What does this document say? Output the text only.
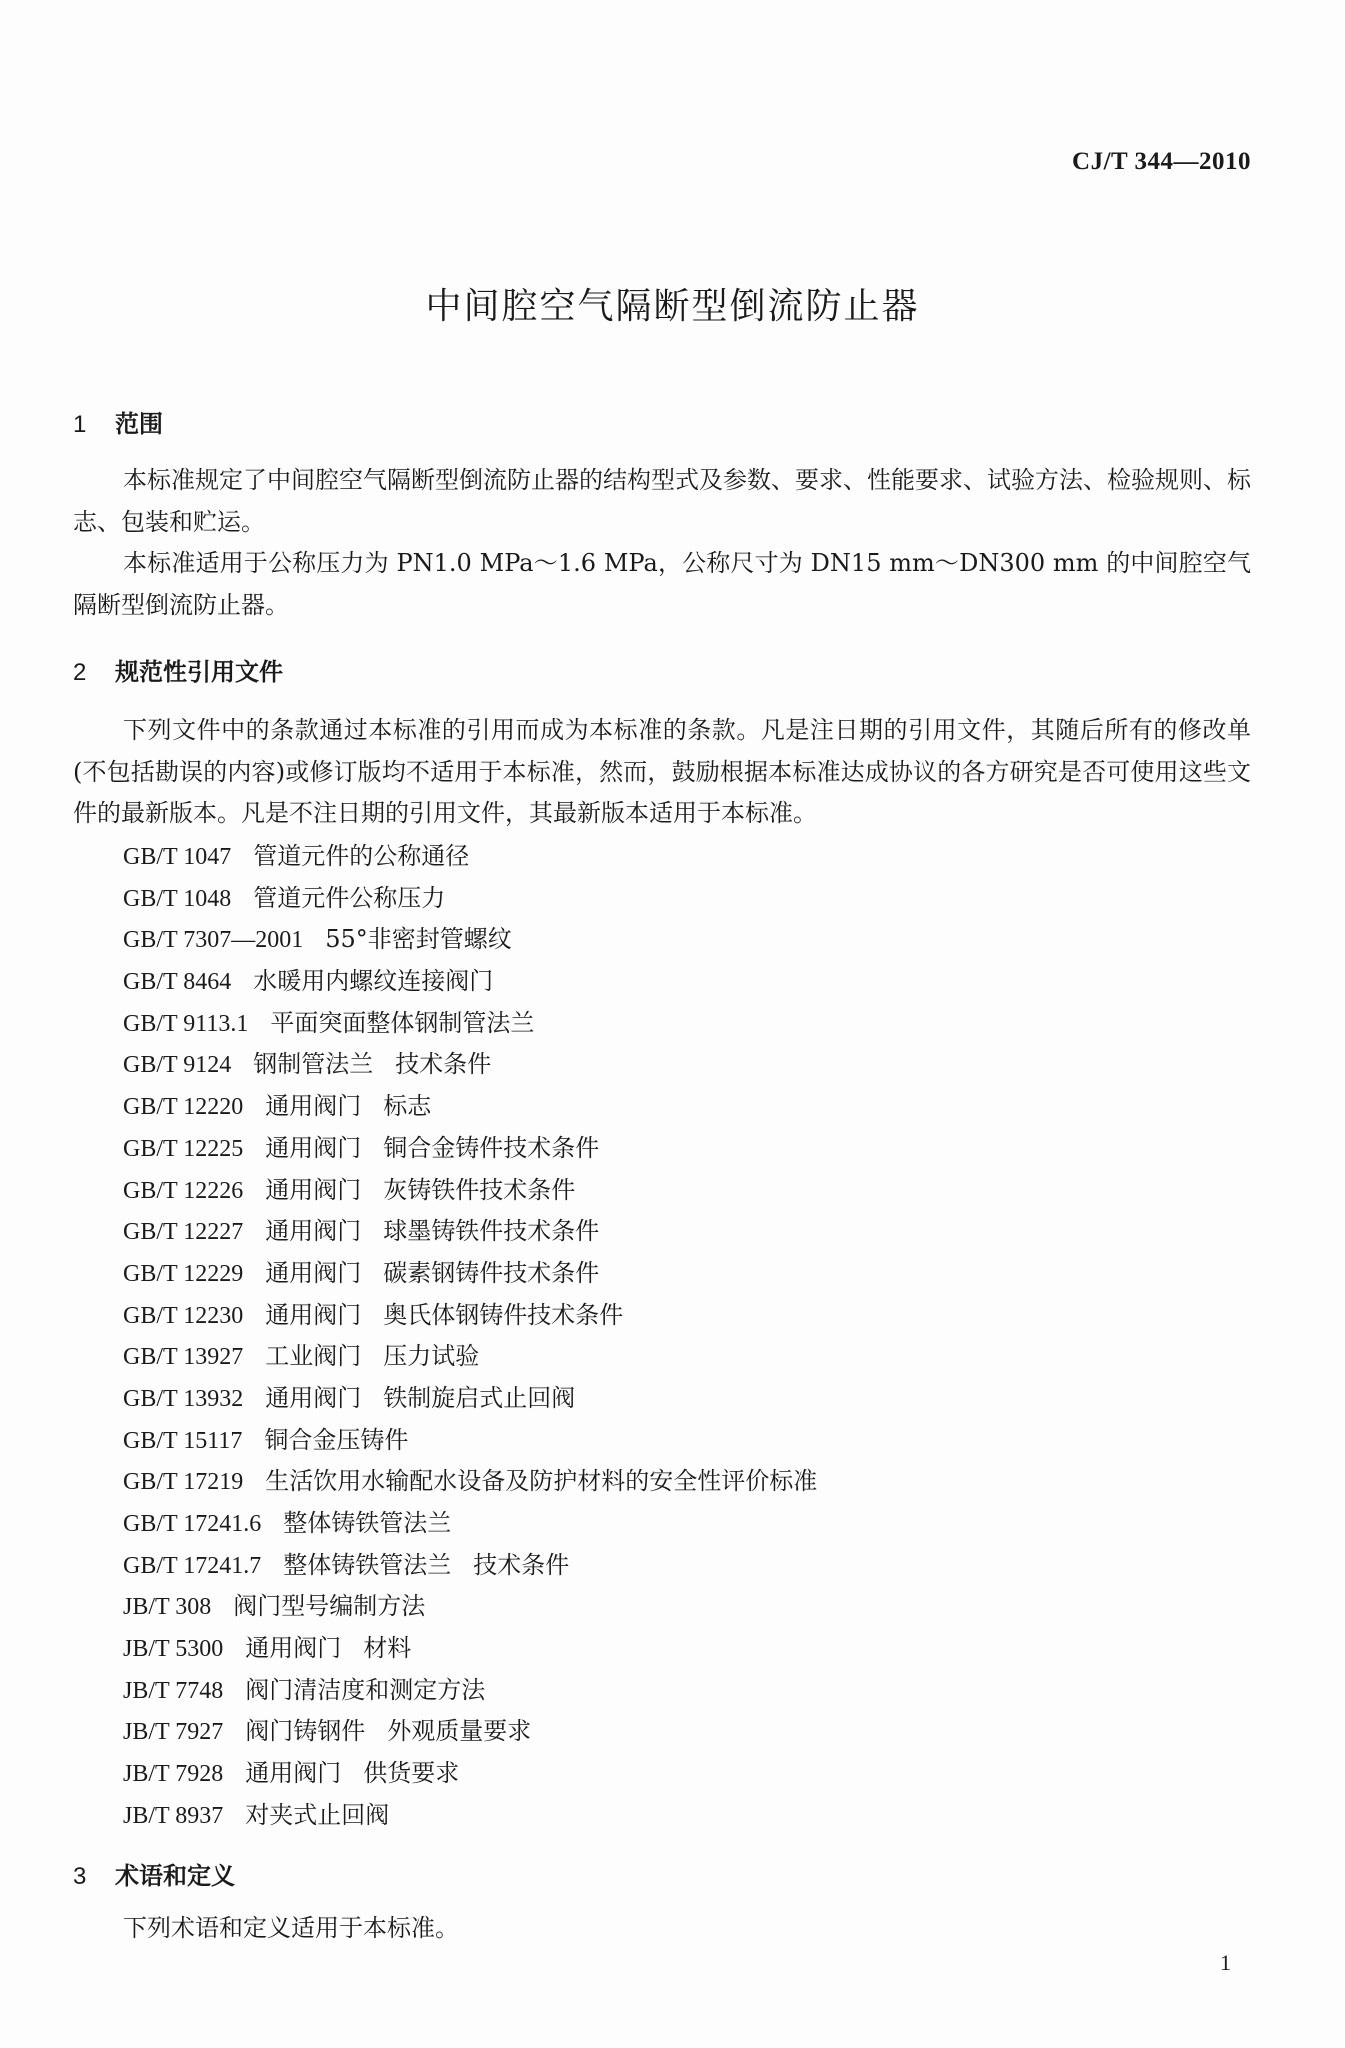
CJ/T 344—2010
中间腔空气隔断型倒流防止器
1 范围
本标准规定了中间腔空气隔断型倒流防止器的结构型式及参数、要求、性能要求、试验方法、检验规则、标志、包装和贮运。
本标准适用于公称压力为 PN1.0 MPa～1.6 MPa，公称尺寸为 DN15 mm～DN300 mm 的中间腔空气隔断型倒流防止器。
2 规范性引用文件
下列文件中的条款通过本标准的引用而成为本标准的条款。凡是注日期的引用文件，其随后所有的修改单(不包括勘误的内容)或修订版均不适用于本标准，然而，鼓励根据本标准达成协议的各方研究是否可使用这些文件的最新版本。凡是不注日期的引用文件，其最新版本适用于本标准。
GB/T 1047 管道元件的公称通径
GB/T 1048 管道元件公称压力
GB/T 7307—2001 55°非密封管螺纹
GB/T 8464 水暖用内螺纹连接阀门
GB/T 9113.1 平面突面整体钢制管法兰
GB/T 9124 钢制管法兰 技术条件
GB/T 12220 通用阀门 标志
GB/T 12225 通用阀门 铜合金铸件技术条件
GB/T 12226 通用阀门 灰铸铁件技术条件
GB/T 12227 通用阀门 球墨铸铁件技术条件
GB/T 12229 通用阀门 碳素钢铸件技术条件
GB/T 12230 通用阀门 奥氏体钢铸件技术条件
GB/T 13927 工业阀门 压力试验
GB/T 13932 通用阀门 铁制旋启式止回阀
GB/T 15117 铜合金压铸件
GB/T 17219 生活饮用水输配水设备及防护材料的安全性评价标准
GB/T 17241.6 整体铸铁管法兰
GB/T 17241.7 整体铸铁管法兰 技术条件
JB/T 308 阀门型号编制方法
JB/T 5300 通用阀门 材料
JB/T 7748 阀门清洁度和测定方法
JB/T 7927 阀门铸钢件 外观质量要求
JB/T 7928 通用阀门 供货要求
JB/T 8937 对夹式止回阀
3 术语和定义
下列术语和定义适用于本标准。
1
